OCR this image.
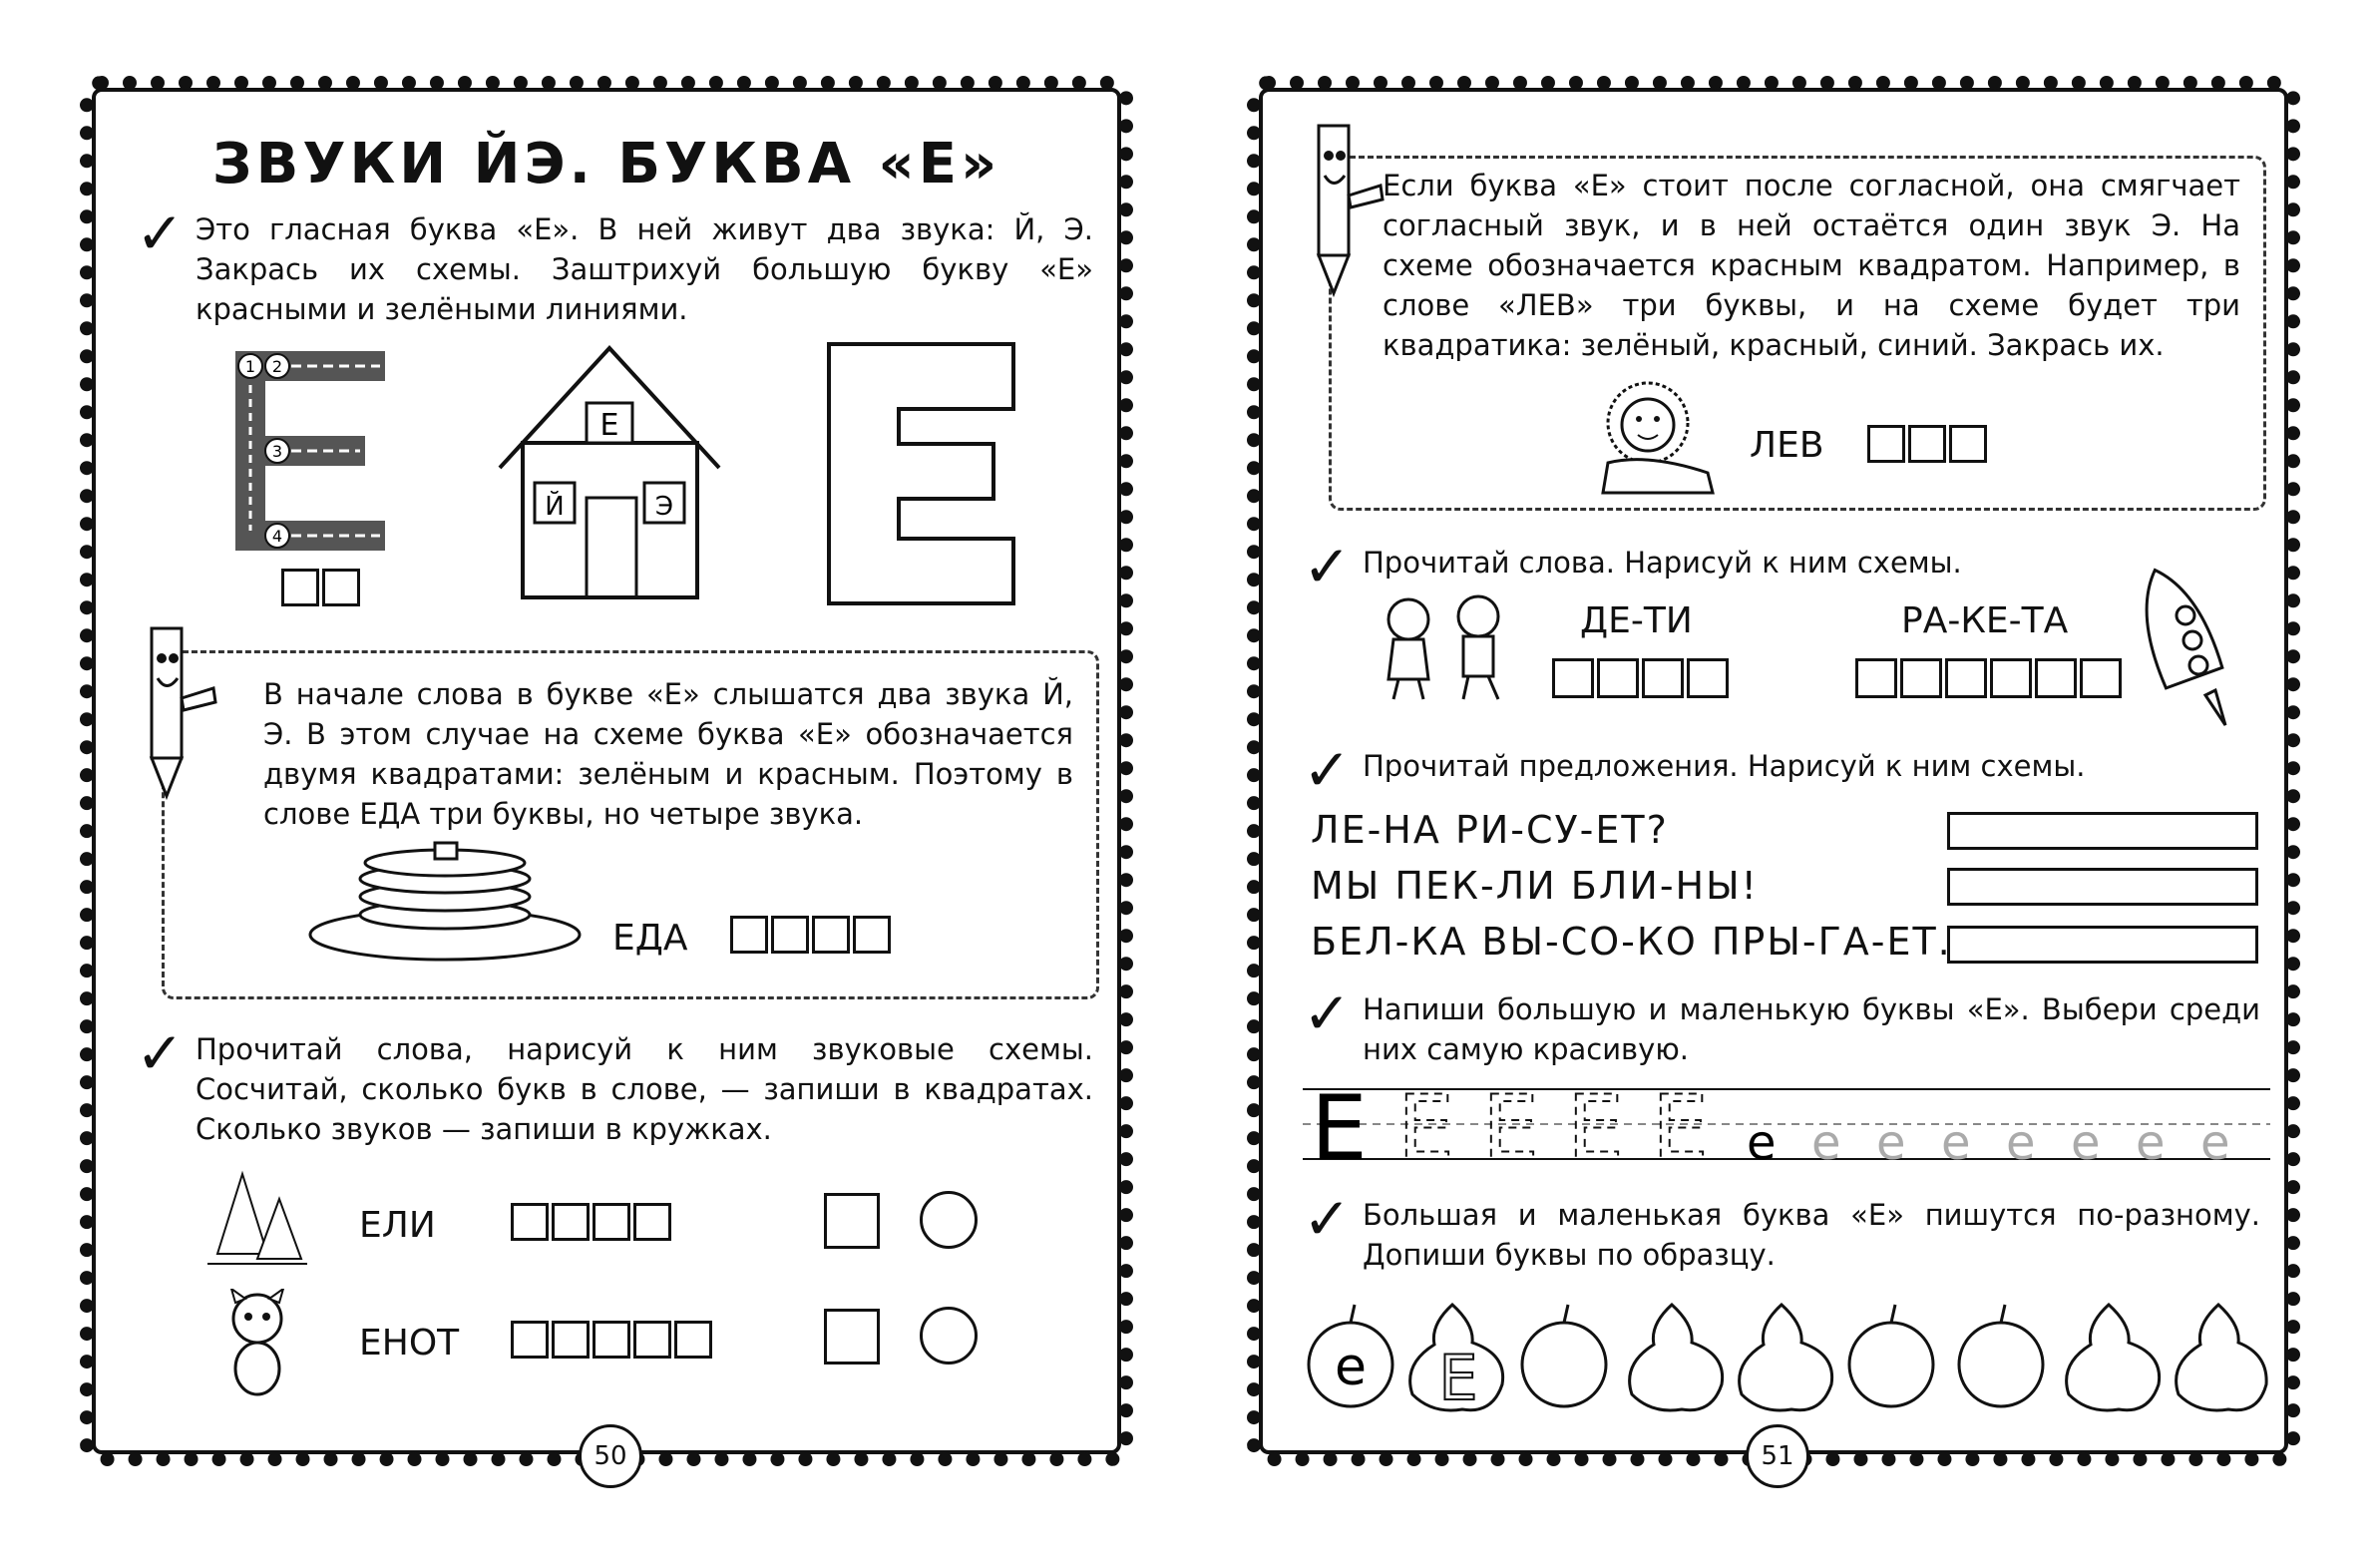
ЗВУКИ ЙЭ. БУКВА «Е»
✓ Это гласная буква «Е». В ней живут два звука: Й, Э. Закрась их схемы. Заштрихуй большую букву «Е» красными и зелёными линиями.
1 2
3
4
Е
Й	Э
В начале слова в букве «Е» слышатся два звука Й, Э. В этом случае на схеме буква «Е» обозначается двумя квадратами: зелёным и красным. Поэтому в слове ЕДА три буквы, но четыре звука.
ЕДА
✓ Прочитай слова, нарисуй к ним звуковые схемы. Сосчитай, сколько букв в слове, — запиши в квадратах. Сколько звуков — запиши в кружках.
ЕЛИ
ЕНОТ
50
Если буква «Е» стоит после согласной, она смягчает согласный звук, и в ней остаётся один звук Э. На схеме обозначается красным квадратом. Например, в слове «ЛЕВ» три буквы, и на схеме будет три квадратика: зелёный, красный, синий. Закрась их.
ЛЕВ
✓ Прочитай слова. Нарисуй к ним схемы.
ДЕ-ТИ	РА-КЕ-ТА
✓ Прочитай предложения. Нарисуй к ним схемы.
ЛЕ-НА РИ-СУ-ЕТ?
МЫ ПЕК-ЛИ БЛИ-НЫ!
БЕЛ-КА ВЫ-СО-КО ПРЫ-ГА-ЕТ.
✓ Напиши большую и маленькую буквы «Е». Выбери среди них самую красивую.
Е Е Е Е Е е е е е е е е е
✓ Большая и маленькая буква «Е» пишутся по-разному. Допиши буквы по образцу.
е Е
51
